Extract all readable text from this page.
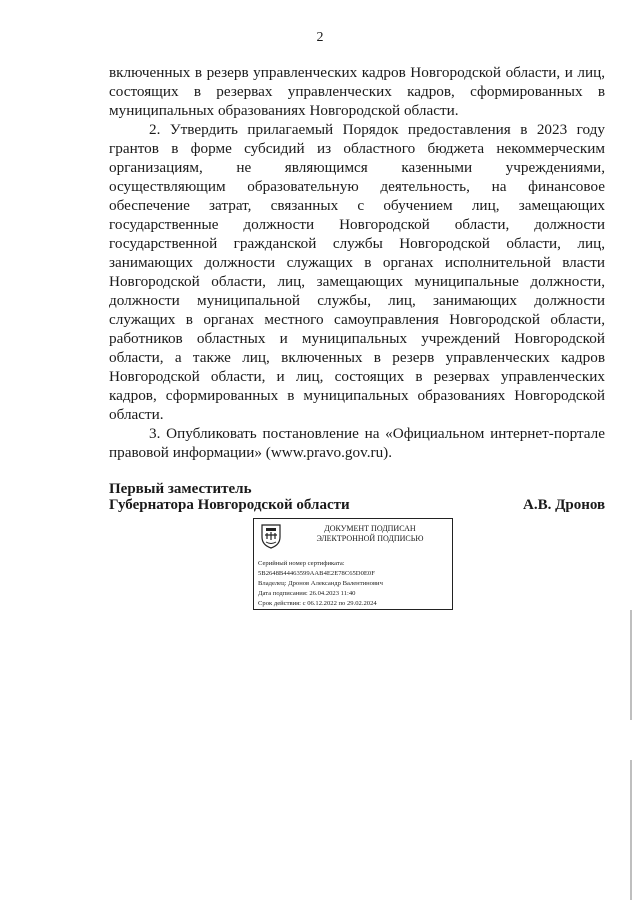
2

включенных в резерв управленческих кадров Новгородской области, и лиц, состоящих в резервах управленческих кадров, сформированных в муниципальных образованиях Новгородской области.

2. Утвердить прилагаемый Порядок предоставления в 2023 году грантов в форме субсидий из областного бюджета некоммерческим организациям, не являющимся казенными учреждениями, осуществляющим образовательную деятельность, на финансовое обеспечение затрат, связанных с обучением лиц, замещающих государственные должности Новгородской области, должности государственной гражданской службы Новгородской области, лиц, занимающих должности служащих в органах исполнительной власти Новгородской области, лиц, замещающих муниципальные должности, должности муниципальной службы, лиц, занимающих должности служащих в органах местного самоуправления Новгородской области, работников областных и муниципальных учреждений Новгородской области, а также лиц, включенных в резерв управленческих кадров Новгородской области, и лиц, состоящих в резервах управленческих кадров, сформированных в муниципальных образованиях Новгородской области.

3. Опубликовать постановление на «Официальном интернет-портале правовой информации» (www.pravo.gov.ru).

Первый заместитель
Губернатора Новгородской области	А.В. Дронов
ДОКУМЕНТ ПОДПИСАН
ЭЛЕКТРОННОЙ ПОДПИСЬЮ
Серийный номер сертификата:
5B2648B44463599AAB4E2E78C65D0E0F
Владелец: Дронов Александр Валентинович
Дата подписания: 26.04.2023 11:40
Срок действия: с 06.12.2022 по 29.02.2024
